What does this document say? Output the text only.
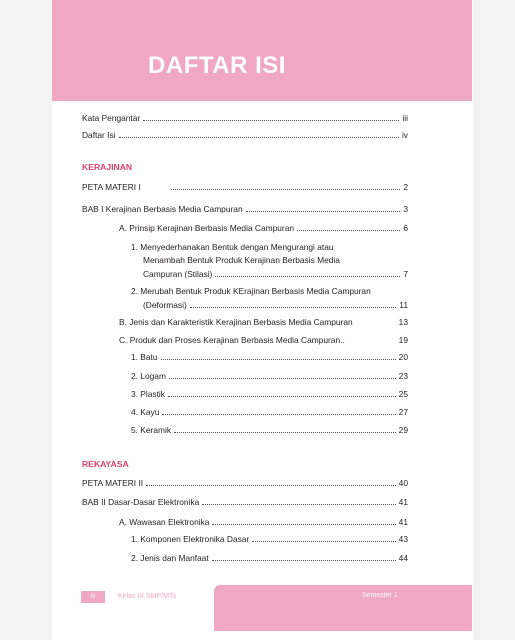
DAFTAR ISI
Kata Pengantar	iii
Daftar Isi	iv
KERAJINAN
PETA MATERI I	2
BAB I Kerajinan Berbasis Media Campuran	3
A. Prinsip Kerajinan Berbasis Media Campuran	6
1. Menyederhanakan Bentuk dengan Mengurangi atau
Menambah Bentuk Produk Kerajinan Berbasis Media
Campuran (Stilasi)	7
2. Merubah Bentuk Produk KErajinan Berbasis Media Campuran
(Deformasi)	11
B. Jenis dan Karakteristik Kerajinan Berbasis Media Campuran	13
C. Produk dan Proses Kerajinan Berbasis Media Campuran..	19
1. Batu	20
2. Logam	23
3. Plastik	25
4. Kayu	27
5. Keramik	29
REKAYASA
PETA MATERI II	40
BAB II Dasar-Dasar Elektronika	41
A. Wawasan Elektronika	41
1. Komponen Elektronika Dasar	43
2. Jenis dan Manfaat	44
iv	Kelas IX SMP/MTs	Semester 1
